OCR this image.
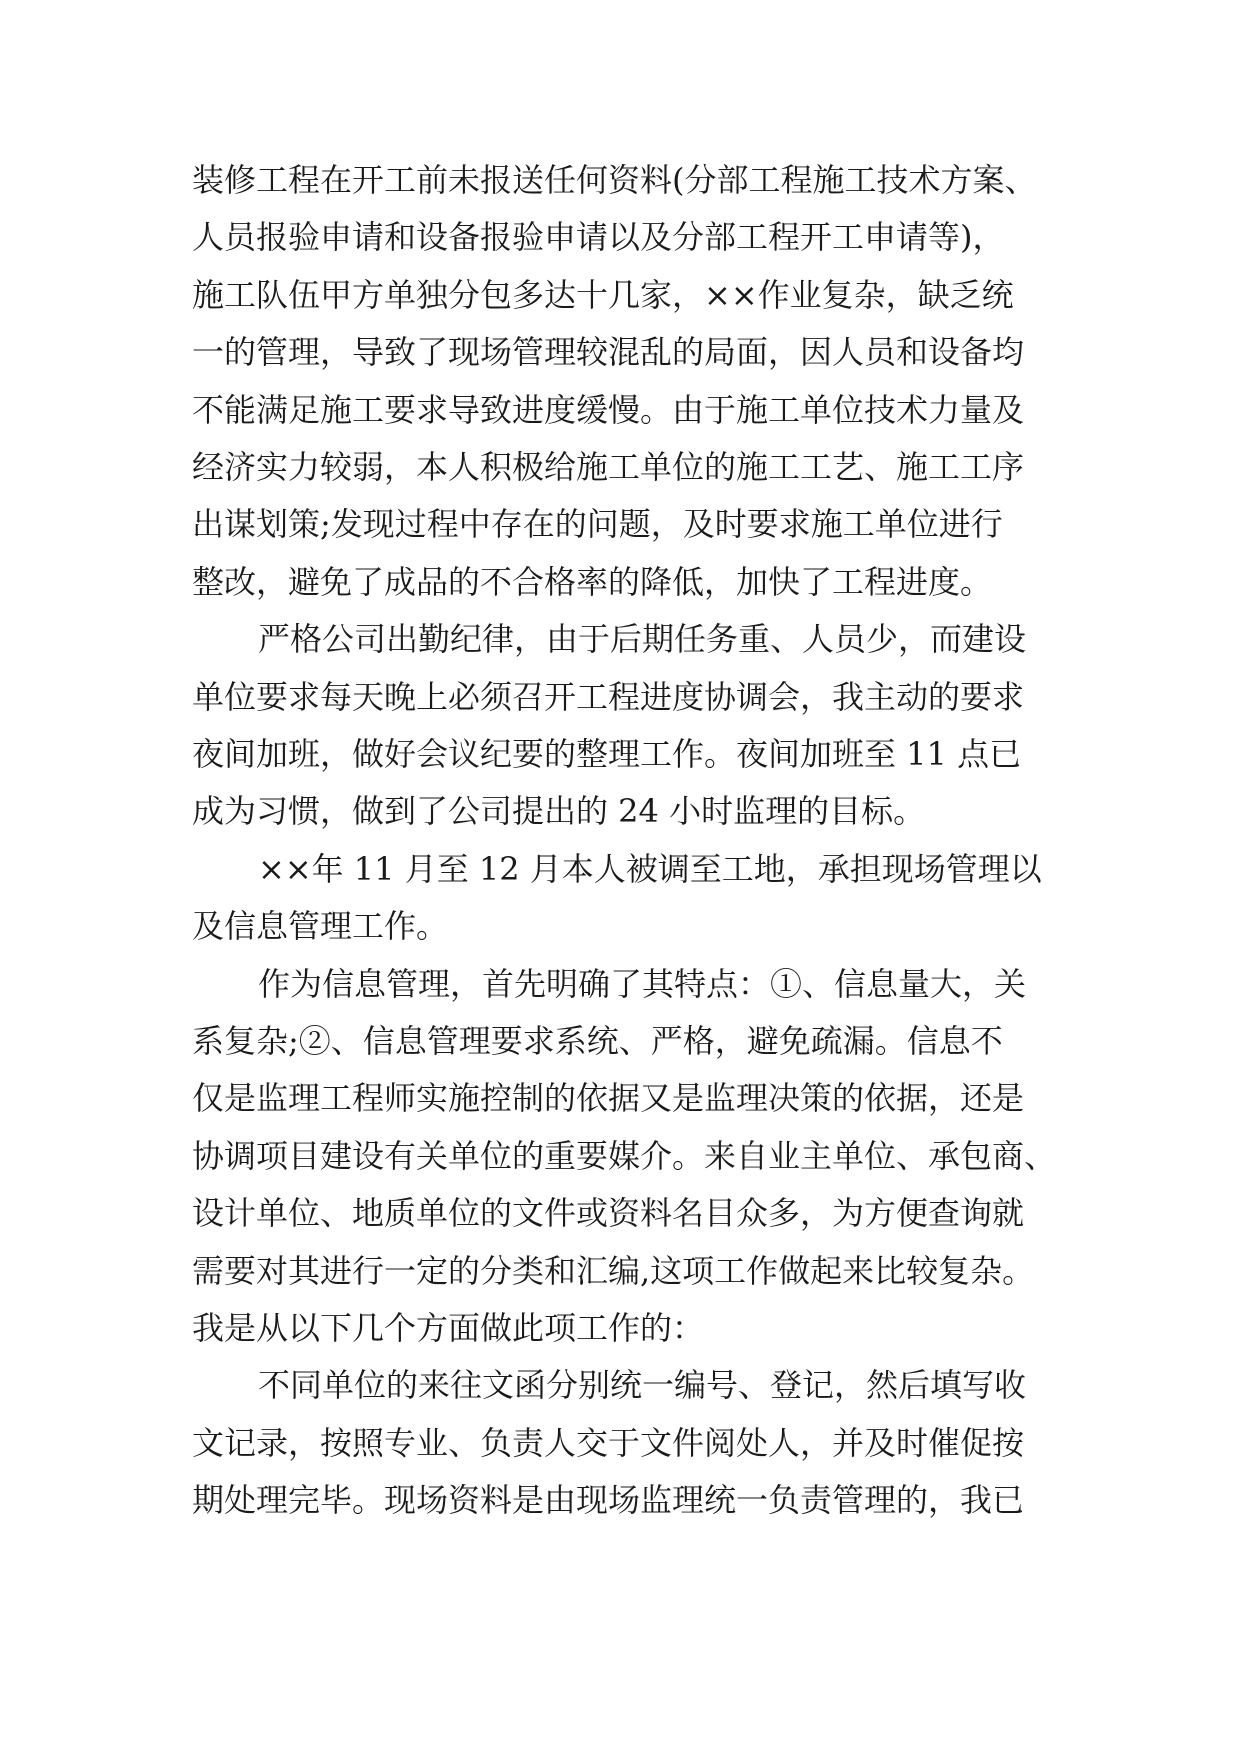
装修工程在开工前未报送任何资料(分部工程施工技术方案、
人员报验申请和设备报验申请以及分部工程开工申请等)，
施工队伍甲方单独分包多达十几家，××作业复杂，缺乏统
一的管理，导致了现场管理较混乱的局面，因人员和设备均
不能满足施工要求导致进度缓慢。由于施工单位技术力量及
经济实力较弱，本人积极给施工单位的施工工艺、施工工序
出谋划策;发现过程中存在的问题，及时要求施工单位进行
整改，避免了成品的不合格率的降低，加快了工程进度。
严格公司出勤纪律，由于后期任务重、人员少，而建设
单位要求每天晚上必须召开工程进度协调会，我主动的要求
夜间加班，做好会议纪要的整理工作。夜间加班至 11 点已
成为习惯，做到了公司提出的 24 小时监理的目标。
××年 11 月至 12 月本人被调至工地，承担现场管理以
及信息管理工作。
作为信息管理，首先明确了其特点：①、信息量大，关
系复杂;②、信息管理要求系统、严格，避免疏漏。信息不
仅是监理工程师实施控制的依据又是监理决策的依据，还是
协调项目建设有关单位的重要媒介。来自业主单位、承包商、
设计单位、地质单位的文件或资料名目众多，为方便查询就
需要对其进行一定的分类和汇编,这项工作做起来比较复杂。
我是从以下几个方面做此项工作的：
不同单位的来往文函分别统一编号、登记，然后填写收
文记录，按照专业、负责人交于文件阅处人，并及时催促按
期处理完毕。现场资料是由现场监理统一负责管理的，我已
